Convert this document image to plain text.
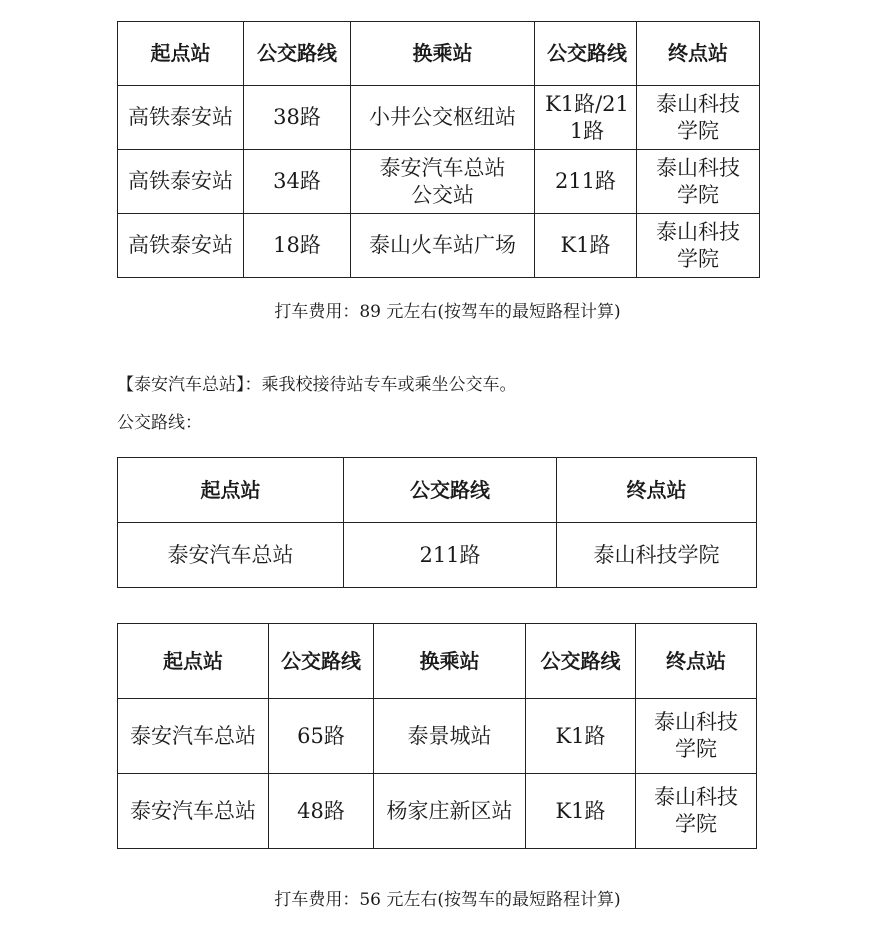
起点站	公交路线	换乘站	公交路线	终点站
高铁泰安站	38路	小井公交枢纽站	K1路/211路	泰山科技学院
高铁泰安站	34路	泰安汽车总站公交站	211路	泰山科技学院
高铁泰安站	18路	泰山火车站广场	K1路	泰山科技学院
打车费用：89 元左右(按驾车的最短路程计算)
【泰安汽车总站】：乘我校接待站专车或乘坐公交车。
公交路线：
起点站	公交路线	终点站
泰安汽车总站	211路	泰山科技学院
起点站	公交路线	换乘站	公交路线	终点站
泰安汽车总站	65路	泰景城站	K1路	泰山科技学院
泰安汽车总站	48路	杨家庄新区站	K1路	泰山科技学院
打车费用：56 元左右(按驾车的最短路程计算)
